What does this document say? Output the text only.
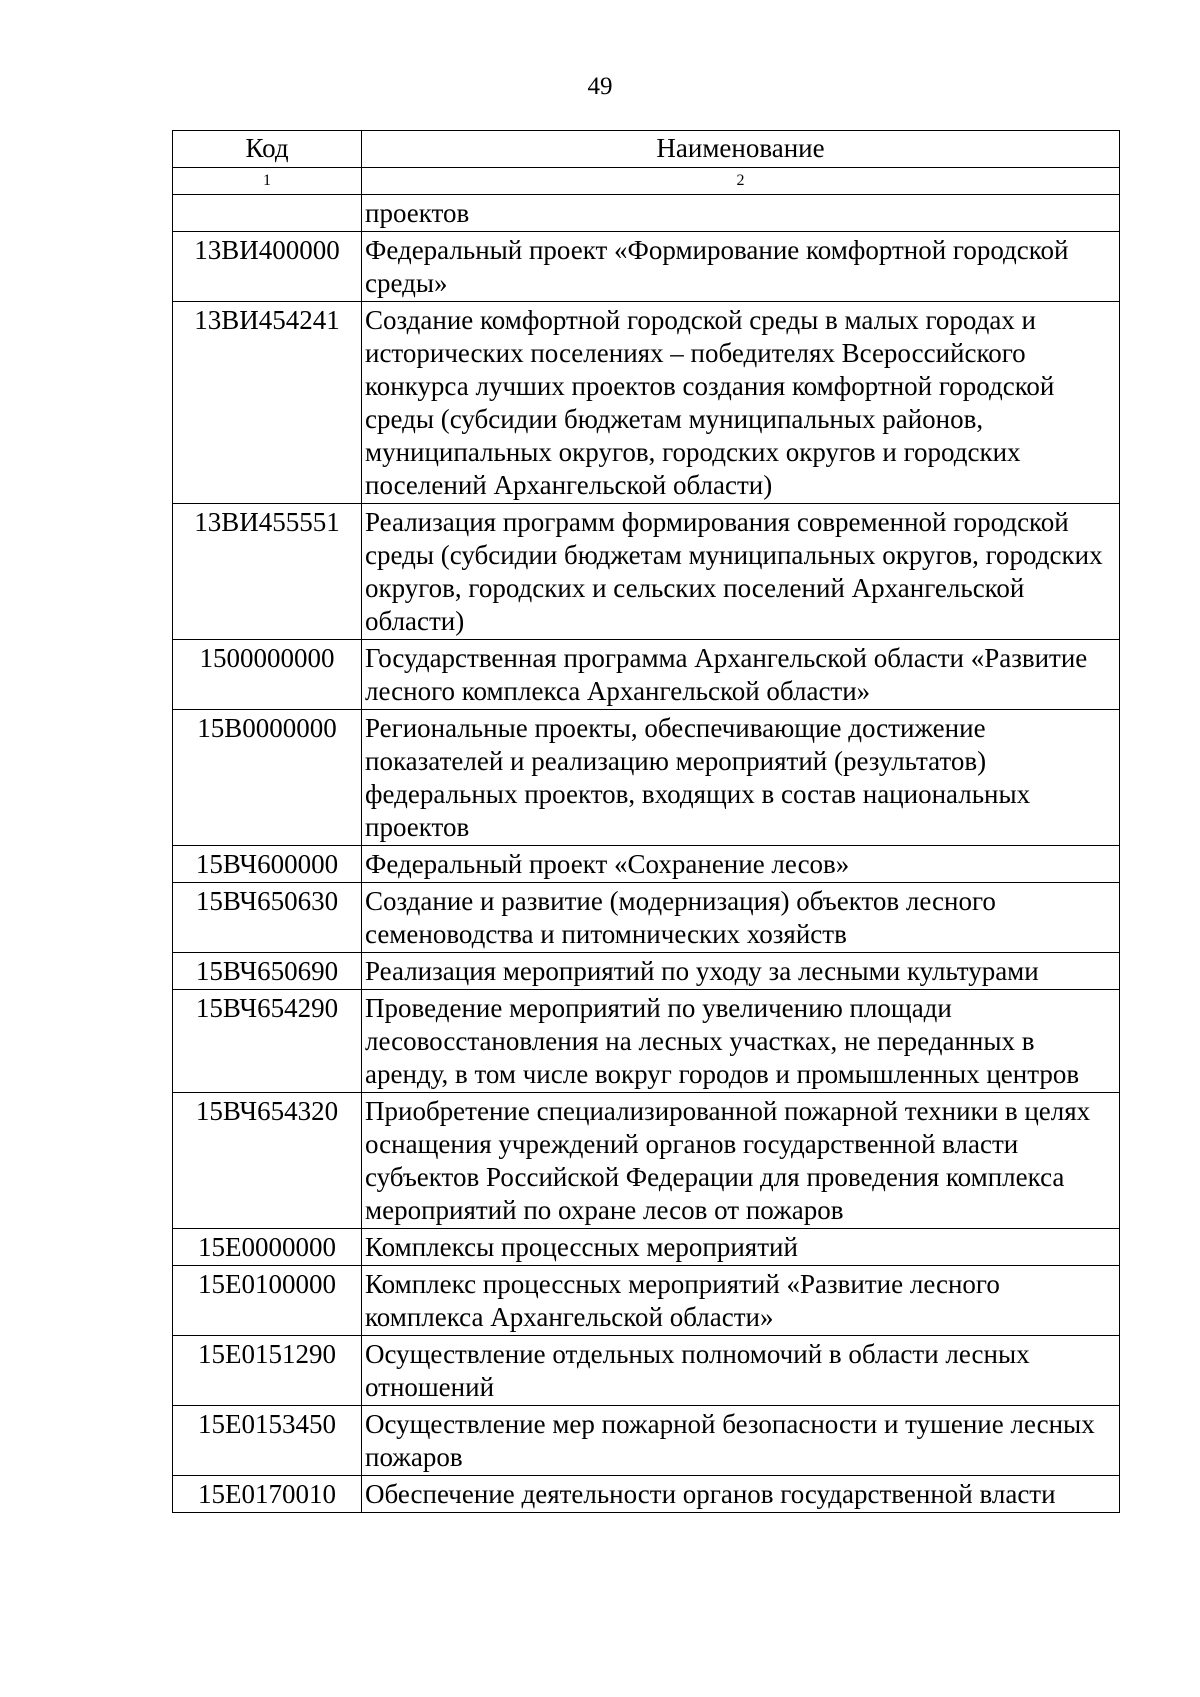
49
Код	Наименование
1	2
	проектов
13ВИ400000	Федеральный проект «Формирование комфортной городской среды»
13ВИ454241	Создание комфортной городской среды в малых городах и исторических поселениях – победителях Всероссийского конкурса лучших проектов создания комфортной городской среды (субсидии бюджетам муниципальных районов, муниципальных округов, городских округов и городских поселений Архангельской области)
13ВИ455551	Реализация программ формирования современной городской среды (субсидии бюджетам муниципальных округов, городских округов, городских и сельских поселений Архангельской области)
1500000000	Государственная программа Архангельской области «Развитие лесного комплекса Архангельской области»
15В0000000	Региональные проекты, обеспечивающие достижение показателей и реализацию мероприятий (результатов) федеральных проектов, входящих в состав национальных проектов
15ВЧ600000	Федеральный проект «Сохранение лесов»
15ВЧ650630	Создание и развитие (модернизация) объектов лесного семеноводства и питомнических хозяйств
15ВЧ650690	Реализация мероприятий по уходу за лесными культурами
15ВЧ654290	Проведение мероприятий по увеличению площади лесовосстановления на лесных участках, не переданных в аренду, в том числе вокруг городов и промышленных центров
15ВЧ654320	Приобретение специализированной пожарной техники в целях оснащения учреждений органов государственной власти субъектов Российской Федерации для проведения комплекса мероприятий по охране лесов от пожаров
15Е0000000	Комплексы процессных мероприятий
15Е0100000	Комплекс процессных мероприятий «Развитие лесного комплекса Архангельской области»
15Е0151290	Осуществление отдельных полномочий в области лесных отношений
15Е0153450	Осуществление мер пожарной безопасности и тушение лесных пожаров
15Е0170010	Обеспечение деятельности органов государственной власти
